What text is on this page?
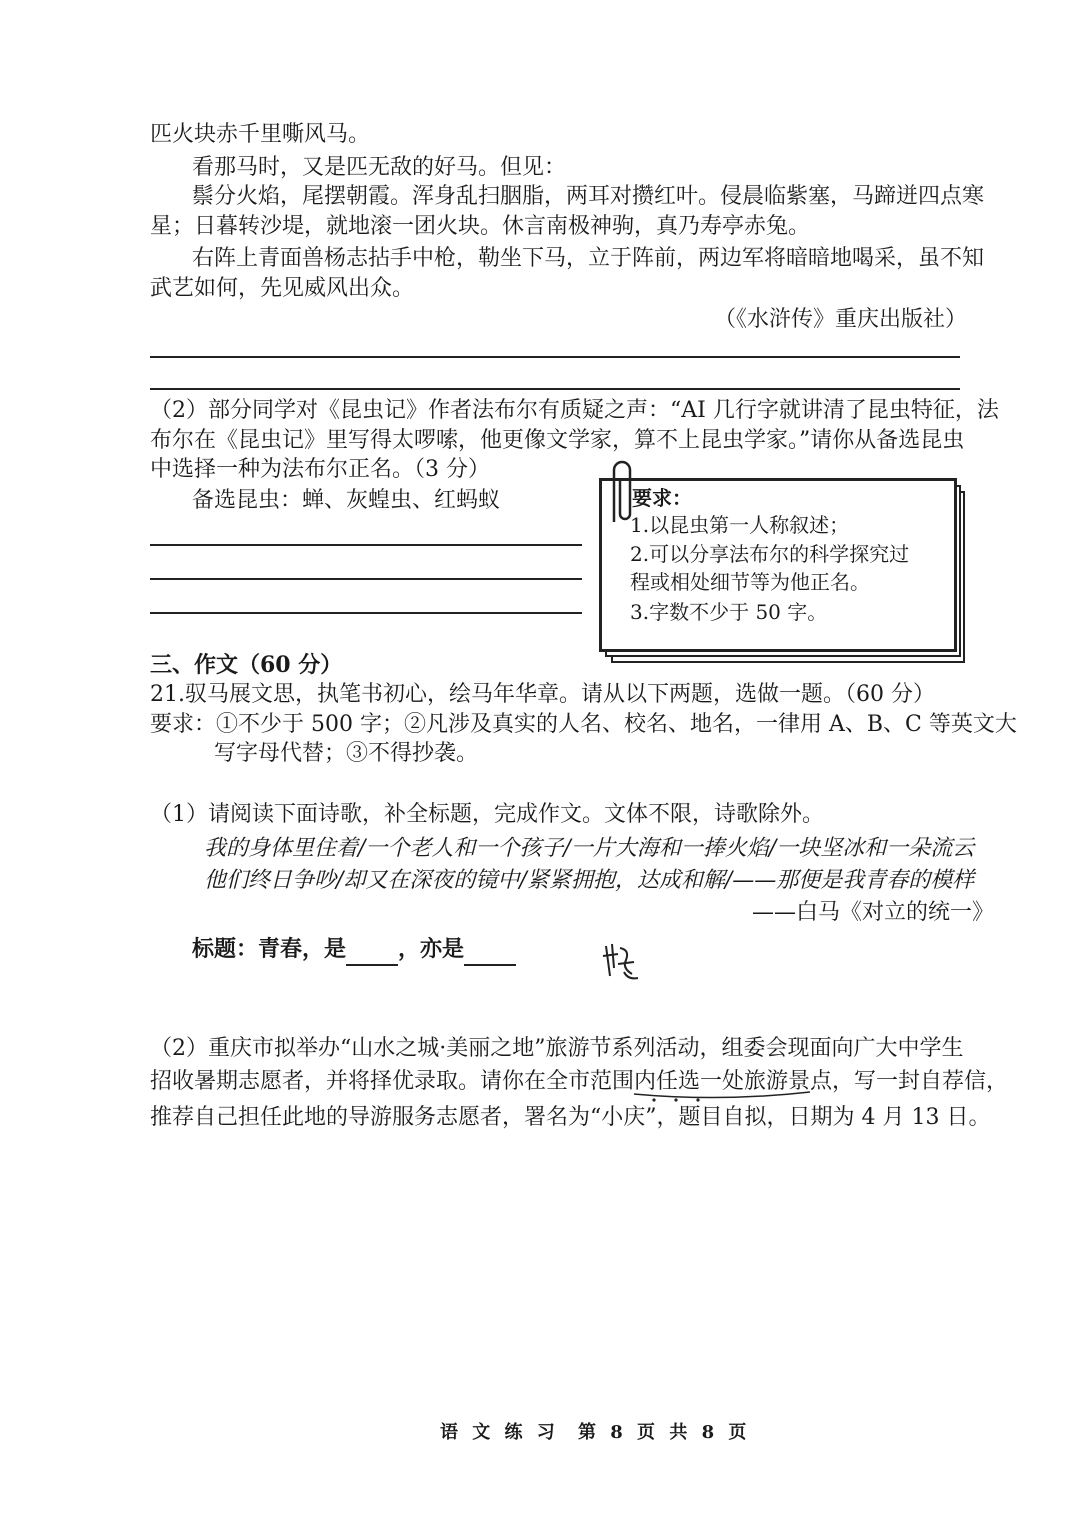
匹火块赤千里嘶风马。
看那马时，又是匹无敌的好马。但见：
鬃分火焰，尾摆朝霞。浑身乱扫胭脂，两耳对攒红叶。侵晨临紫塞，马蹄迸四点寒
星；日暮转沙堤，就地滚一团火块。休言南极神驹，真乃寿亭赤兔。
右阵上青面兽杨志拈手中枪，勒坐下马，立于阵前，两边军将暗暗地喝采，虽不知
武艺如何，先见威风出众。
（《水浒传》重庆出版社）
（2）部分同学对《昆虫记》作者法布尔有质疑之声：“AI 几行字就讲清了昆虫特征，法
布尔在《昆虫记》里写得太啰嗦，他更像文学家，算不上昆虫学家。”请你从备选昆虫
中选择一种为法布尔正名。（3 分）
备选昆虫：蝉、灰蝗虫、红蚂蚁	要求：
1.以昆虫第一人称叙述；
2.可以分享法布尔的科学探究过
程或相处细节等为他正名。
3.字数不少于 50 字。
三、作文（60 分）
21.驭马展文思，执笔书初心，绘马年华章。请从以下两题，选做一题。（60 分）
要求：①不少于 500 字；②凡涉及真实的人名、校名、地名，一律用 A、B、C 等英文大
写字母代替；③不得抄袭。
（1）请阅读下面诗歌，补全标题，完成作文。文体不限，诗歌除外。
我的身体里住着/一个老人和一个孩子/一片大海和一捧火焰/一块坚冰和一朵流云
他们终日争吵/却又在深夜的镜中/紧紧拥抱，达成和解/——那便是我青春的模样
——白马《对立的统一》
标题：青春，是 ，亦是
（2）重庆市拟举办“山水之城·美丽之地”旅游节系列活动，组委会现面向广大中学生
招收暑期志愿者，并将择优录取。请你在全市范围内任选一处旅游景点，写一封自荐信，
推荐自己担任此地的导游服务志愿者，署名为“小庆”，题目自拟，日期为 4 月 13 日。
语 文 练 习 第 8 页 共 8 页
